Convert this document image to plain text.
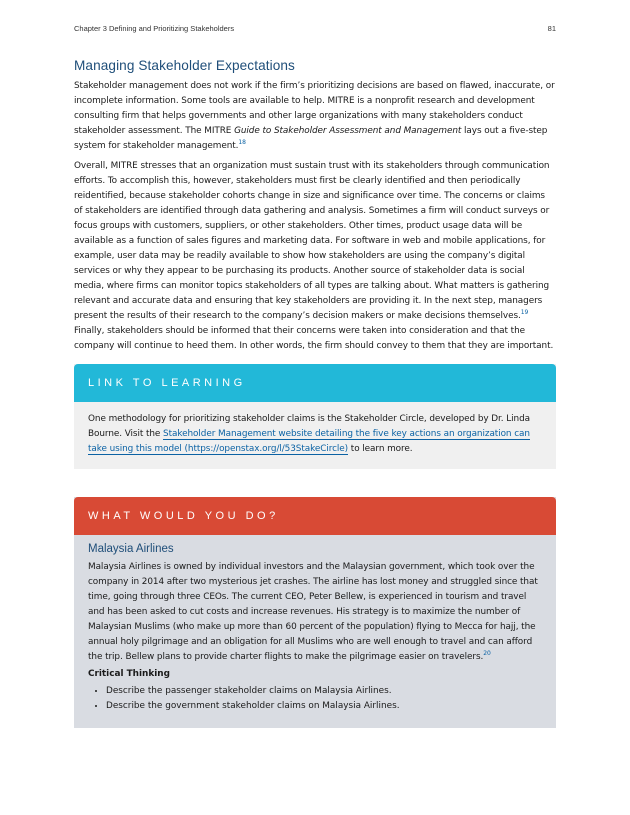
Chapter 3 Defining and Prioritizing Stakeholders	81
Managing Stakeholder Expectations

Stakeholder management does not work if the firm’s prioritizing decisions are based on flawed, inaccurate, or incomplete information. Some tools are available to help. MITRE is a nonprofit research and development consulting firm that helps governments and other large organizations with many stakeholders conduct stakeholder assessment. The MITRE Guide to Stakeholder Assessment and Management lays out a five-step system for stakeholder management.$^{18}$

Overall, MITRE stresses that an organization must sustain trust with its stakeholders through communication efforts. To accomplish this, however, stakeholders must first be clearly identified and then periodically reidentified, because stakeholder cohorts change in size and significance over time. The concerns or claims of stakeholders are identified through data gathering and analysis. Sometimes a firm will conduct surveys or focus groups with customers, suppliers, or other stakeholders. Other times, product usage data will be available as a function of sales figures and marketing data. For software in web and mobile applications, for example, user data may be readily available to show how stakeholders are using the company’s digital services or why they appear to be purchasing its products. Another source of stakeholder data is social media, where firms can monitor topics stakeholders of all types are talking about. What matters is gathering relevant and accurate data and ensuring that key stakeholders are providing it. In the next step, managers present the results of their research to the company’s decision makers or make decisions themselves.$^{19}$ Finally, stakeholders should be informed that their concerns were taken into consideration and that the company will continue to heed them. In other words, the firm should convey to them that they are important.

LINK TO LEARNING

One methodology for prioritizing stakeholder claims is the Stakeholder Circle, developed by Dr. Linda Bourne. Visit the Stakeholder Management website detailing the five key actions an organization can take using this model (https://openstax.org/l/53StakeCircle) to learn more.

WHAT WOULD YOU DO?
Malaysia Airlines

Malaysia Airlines is owned by individual investors and the Malaysian government, which took over the company in 2014 after two mysterious jet crashes. The airline has lost money and struggled since that time, going through three CEOs. The current CEO, Peter Bellew, is experienced in tourism and travel and has been asked to cut costs and increase revenues. His strategy is to maximize the number of Malaysian Muslims (who make up more than 60 percent of the population) flying to Mecca for hajj, the annual holy pilgrimage and an obligation for all Muslims who are well enough to travel and can afford the trip. Bellew plans to provide charter flights to make the pilgrimage easier on travelers.$^{20}$

Critical Thinking
• Describe the passenger stakeholder claims on Malaysia Airlines.
• Describe the government stakeholder claims on Malaysia Airlines.
